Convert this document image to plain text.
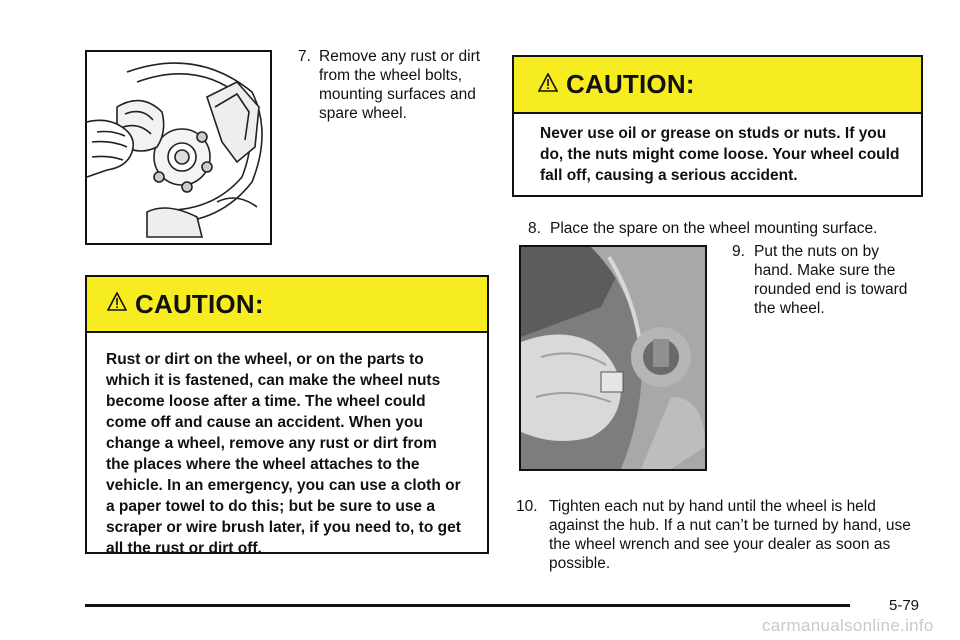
7. Remove any rust or dirt from the wheel bolts, mounting surfaces and spare wheel.
CAUTION:
Rust or dirt on the wheel, or on the parts to which it is fastened, can make the wheel nuts become loose after a time. The wheel could come off and cause an accident. When you change a wheel, remove any rust or dirt from the places where the wheel attaches to the vehicle. In an emergency, you can use a cloth or a paper towel to do this; but be sure to use a scraper or wire brush later, if you need to, to get all the rust or dirt off.
CAUTION:
Never use oil or grease on studs or nuts. If you do, the nuts might come loose. Your wheel could fall off, causing a serious accident.
8. Place the spare on the wheel mounting surface.
9. Put the nuts on by hand. Make sure the rounded end is toward the wheel.
10. Tighten each nut by hand until the wheel is held against the hub. If a nut can’t be turned by hand, use the wheel wrench and see your dealer as soon as possible.
5-79
carmanualsonline.info
